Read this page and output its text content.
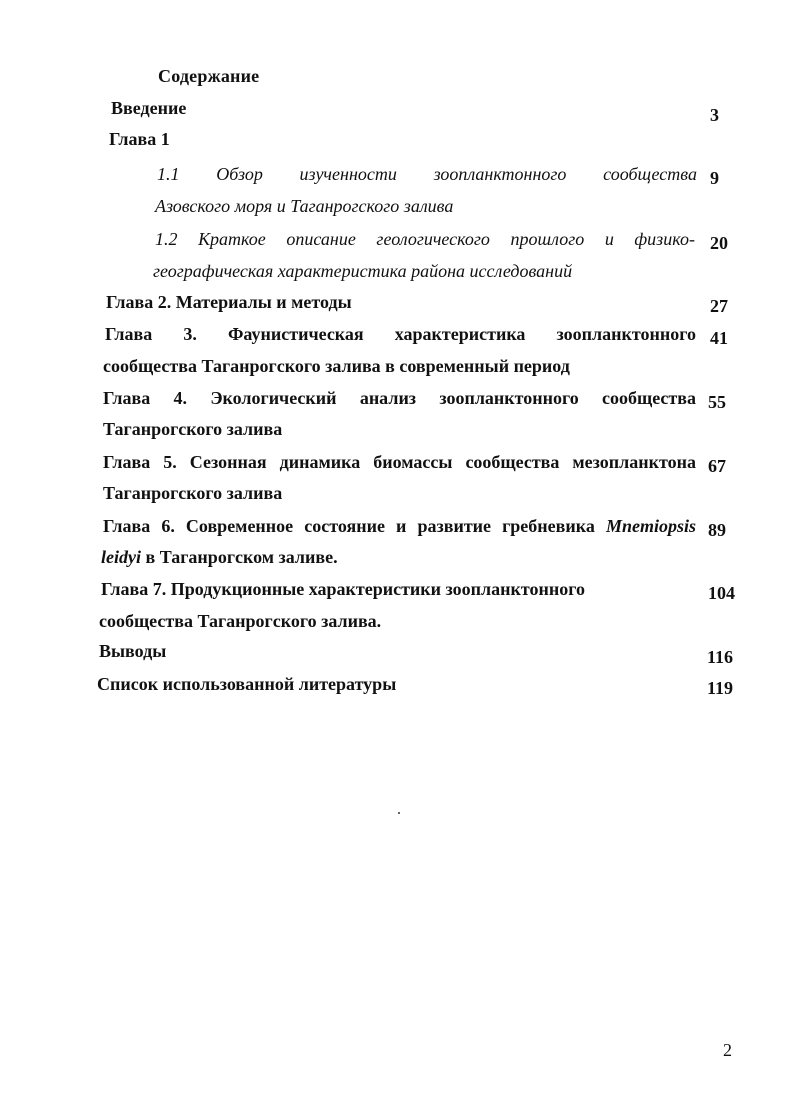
Содержание
Введение	3
Глава 1
1.1 Обзор изученности зоопланктонного сообщества 9
Азовского моря и Таганрогского залива
1.2 Краткое описание геологического прошлого и физико- 20
географическая характеристика района исследований
Глава 2. Материалы и методы	27
Глава 3. Фаунистическая характеристика зоопланктонного 41
сообщества Таганрогского залива в современный период
Глава 4. Экологический анализ зоопланктонного сообщества 55
Таганрогского залива
Глава 5. Сезонная динамика биомассы сообщества мезопланктона 67
Таганрогского залива
Глава 6. Современное состояние и развитие гребневика Mnemiopsis 89
leidyi в Таганрогском заливе.
Глава 7. Продукционные характеристики зоопланктонного	104
сообщества Таганрогского залива.
Выводы	116
Список использованной литературы	119
2
